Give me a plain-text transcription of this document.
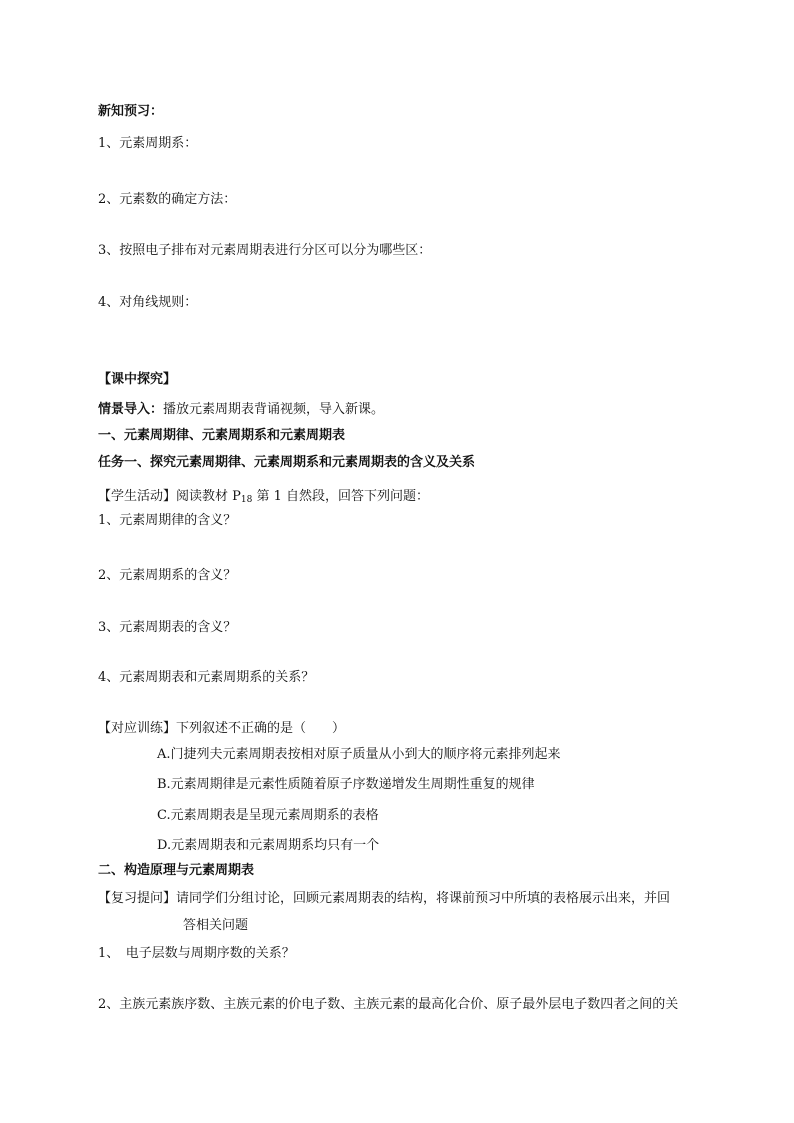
新知预习：
1、元素周期系：
2、元素数的确定方法：
3、按照电子排布对元素周期表进行分区可以分为哪些区：
4、对角线规则：
【课中探究】
情景导入：播放元素周期表背诵视频，导入新课。
一、元素周期律、元素周期系和元素周期表
任务一、探究元素周期律、元素周期系和元素周期表的含义及关系
【学生活动】阅读教材 $P_{18}$ 第 1 自然段，回答下列问题：
1、元素周期律的含义？
2、元素周期系的含义？
3、元素周期表的含义？
4、元素周期表和元素周期系的关系？
【对应训练】下列叙述不正确的是（　　）
A.门捷列夫元素周期表按相对原子质量从小到大的顺序将元素排列起来
B.元素周期律是元素性质随着原子序数递增发生周期性重复的规律
C.元素周期表是呈现元素周期系的表格
D.元素周期表和元素周期系均只有一个
二、构造原理与元素周期表
【复习提问】请同学们分组讨论，回顾元素周期表的结构，将课前预习中所填的表格展示出来，并回
答相关问题
1、　电子层数与周期序数的关系？
2、主族元素族序数、主族元素的价电子数、主族元素的最高化合价、原子最外层电子数四者之间的关
